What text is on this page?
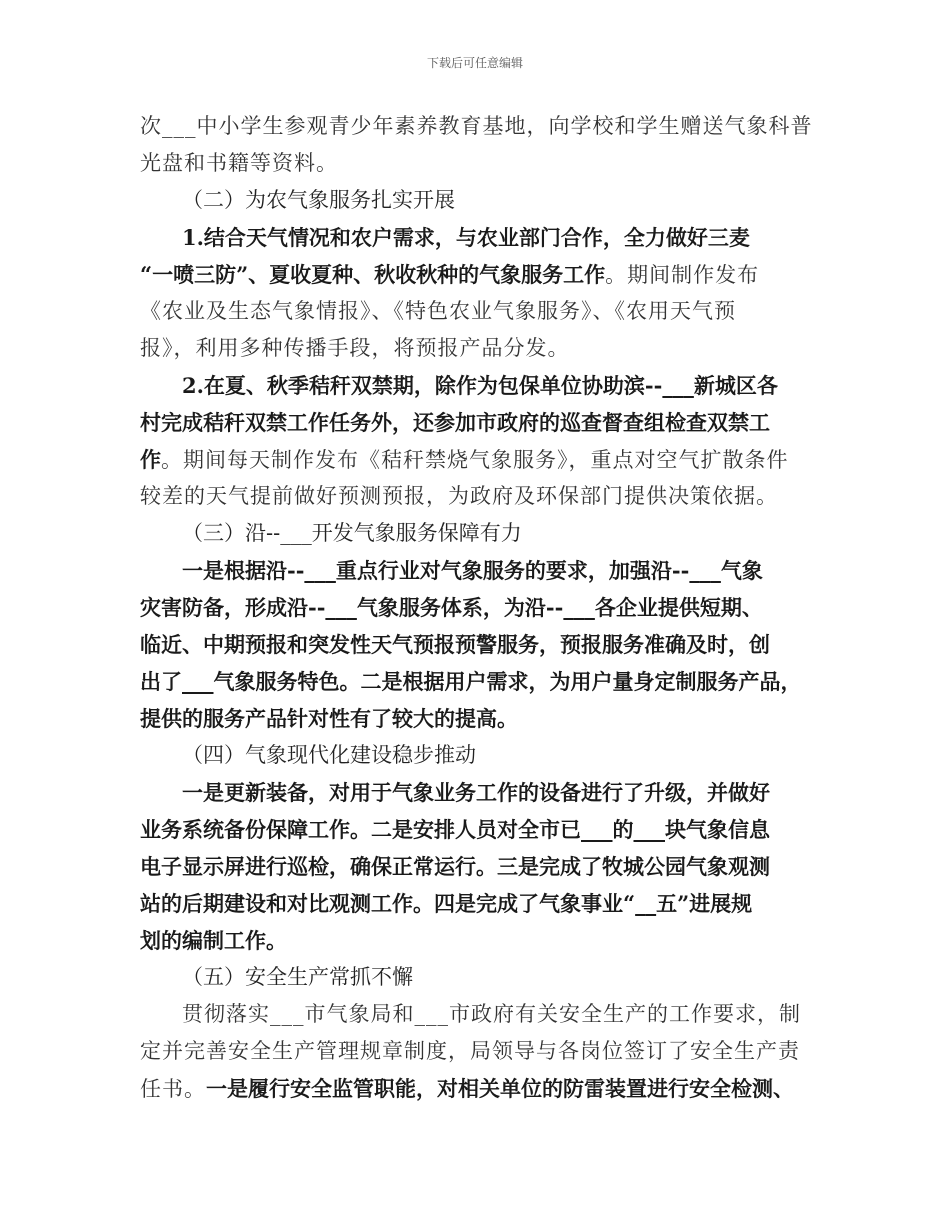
下载后可任意编辑
次___中小学生参观青少年素养教育基地，向学校和学生赠送气象科普
光盘和书籍等资料。
（二）为农气象服务扎实开展
1.结合天气情况和农户需求，与农业部门合作，全力做好三麦
“一喷三防”、夏收夏种、秋收秋种的气象服务工作。期间制作发布
《农业及生态气象情报》、《特色农业气象服务》、《农用天气预
报》，利用多种传播手段，将预报产品分发。
2.在夏、秋季秸秆双禁期，除作为包保单位协助滨--___新城区各
村完成秸秆双禁工作任务外，还参加市政府的巡查督查组检查双禁工
作。期间每天制作发布《秸秆禁烧气象服务》，重点对空气扩散条件
较差的天气提前做好预测预报，为政府及环保部门提供决策依据。
（三）沿--___开发气象服务保障有力
一是根据沿--___重点行业对气象服务的要求，加强沿--___气象
灾害防备，形成沿--___气象服务体系，为沿--___各企业提供短期、
临近、中期预报和突发性天气预报预警服务，预报服务准确及时，创
出了___气象服务特色。二是根据用户需求，为用户量身定制服务产品，
提供的服务产品针对性有了较大的提高。
（四）气象现代化建设稳步推动
一是更新装备，对用于气象业务工作的设备进行了升级，并做好
业务系统备份保障工作。二是安排人员对全市已___的___块气象信息
电子显示屏进行巡检，确保正常运行。三是完成了牧城公园气象观测
站的后期建设和对比观测工作。四是完成了气象事业“__五”进展规
划的编制工作。
（五）安全生产常抓不懈
贯彻落实___市气象局和___市政府有关安全生产的工作要求，制
定并完善安全生产管理规章制度，局领导与各岗位签订了安全生产责
任书。一是履行安全监管职能，对相关单位的防雷装置进行安全检测、
